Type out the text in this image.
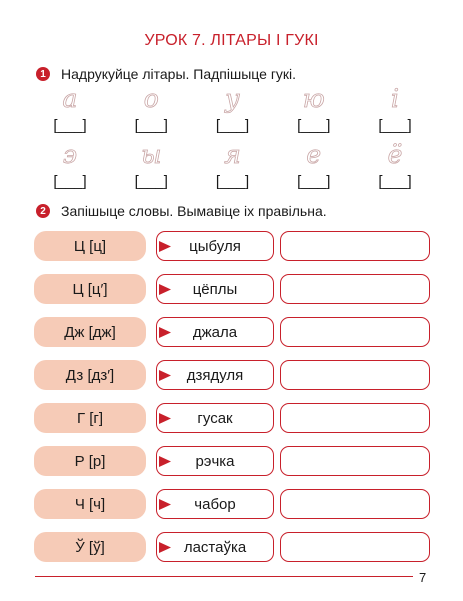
УРОК 7. ЛІТАРЫ І ГУКІ
1	Надрукуйце літары. Падпішыце гукі.
а
[___]
о
[___]
у
[___]
ю
[___]
і
[___]
э
[___]
ы
[___]
я
[___]
е
[___]
ё
[___]
2	Запішыце словы. Вымавіце іх правільна.
Ц [ц]	цыбуля
Ц [ц′]	цёплы
Дж [дж]	джала
Дз [дз′]	дзядуля
Г [г]	гусак
Р [р]	рэчка
Ч [ч]	чабор
Ў [ў]	ластаўка
7
